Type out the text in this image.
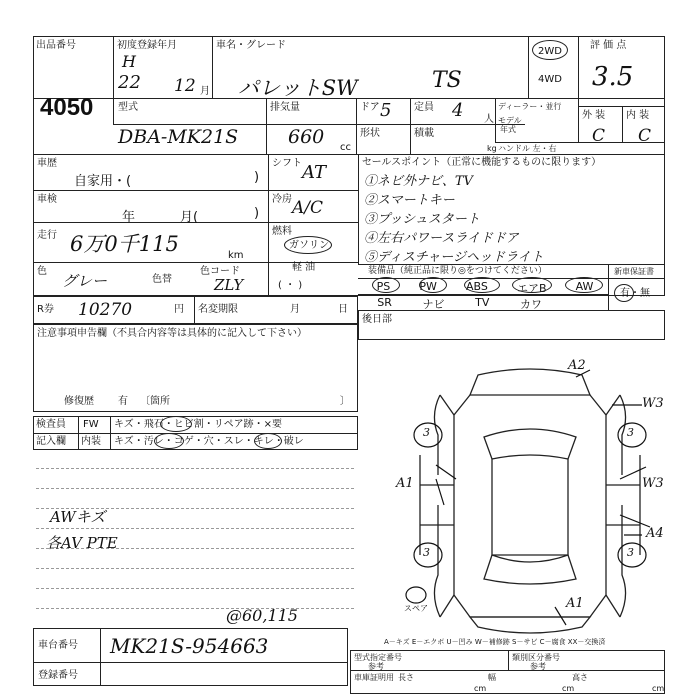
出品番号
4050
初度登録年月
H
22 12 月
車名・グレード
パレットSW	TS
2WD
4WD
評 価 点
3.5
型式
DBA-MK21S
排気量
660 cc
ドア 5 定員 4 人
ディーラー・並行
モデル
年式
形状	積載
kg ハンドル 左・右
外 装 内 装
C C
車歴
自家用・(	)
車検
年	月(	)
走行 6万0千115	km
色
グレー	色替
色コード
ZLY
シフト AT
冷房 A/C
燃料
ガソリン
軽 油
( ・ )
セールスポイント（正常に機能するものに限ります）
①ネビ外ナビ、TV
②スマートキー
③プッシュスタート
④左右パワースライドドア
⑤ディスチャージヘッドライト
装備品（純正品に限り◎をつけてください）	新車保証書
有・無
PS	PW	ABS	エアB	AW
SR	ナビ	TV	カワ
R券 10270	円 名変期限	月	日
後日部
注意事項申告欄（不具合内容等は具体的に記入して下さい）
修復歴 有 〔箇所	〕
検査員 FW キズ・飛石・ヒビ割・リペア跡・×要
記入欄 内装 キズ・汚レ・コゲ・穴・スレ・キレ・破レ
AWキズ
各AV PTE
@60,115
A2
W3
A1	W3
A4
A1
3	3
3	3
スペア
A－キズ E－エクボ U－凹み W－補修跡 S－サビ C－腐食 XX－交換済
車台番号 MK21S-954663
登録番号
型式指定番号
参考
類別区分番号
参考
車庫証明用 長さ
cm
幅
cm
高さ
cm
